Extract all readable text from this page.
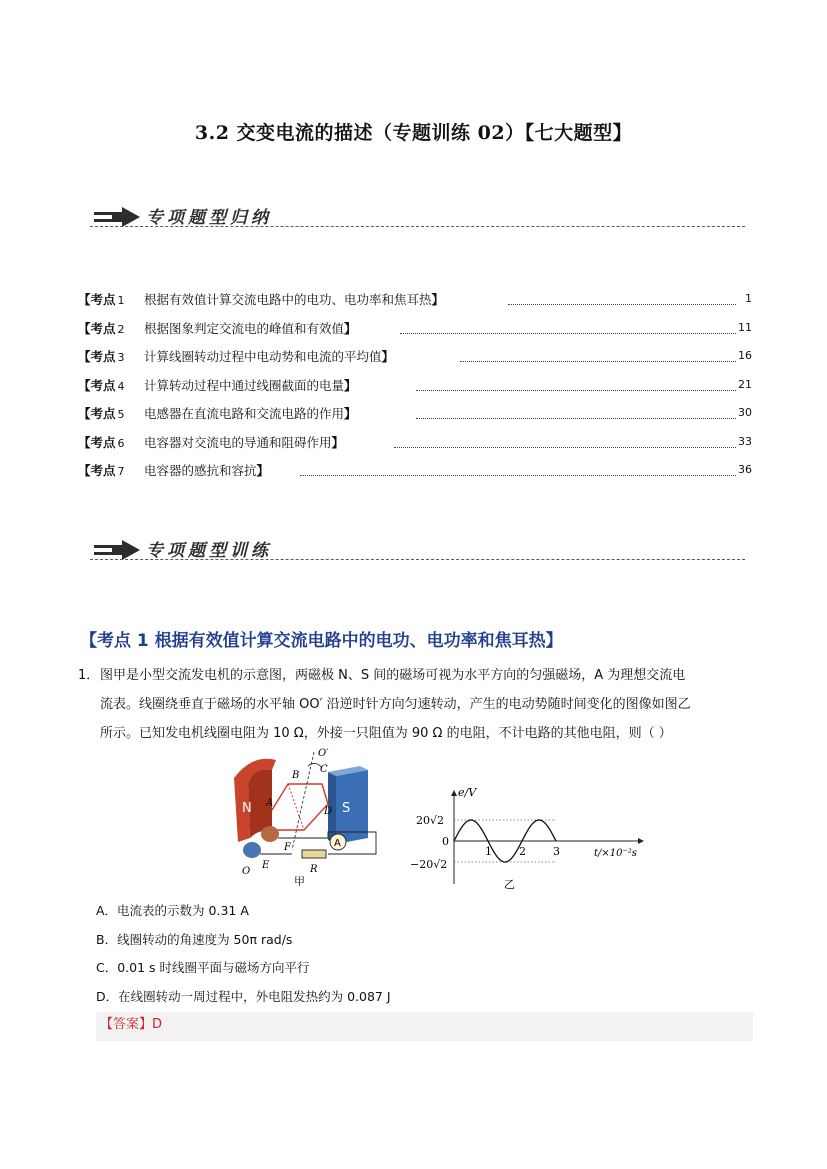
3.2 交变电流的描述（专题训练 02）【七大题型】
专项题型归纳
【考点 1 根据有效值计算交流电路中的电功、电功率和焦耳热】	1
【考点 2 根据图象判定交流电的峰值和有效值】	11
【考点 3 计算线圈转动过程中电动势和电流的平均值】	16
【考点 4 计算转动过程中通过线圈截面的电量】	21
【考点 5 电感器在直流电路和交流电路的作用】	30
【考点 6 电容器对交流电的导通和阻碍作用】	33
【考点 7 电容器的感抗和容抗】	36
专项题型训练
【考点 1 根据有效值计算交流电路中的电功、电功率和焦耳热】
1． 图甲是小型交流发电机的示意图，两磁极 N、S 间的磁场可视为水平方向的匀强磁场，A 为理想交流电
流表。线圈绕垂直于磁场的水平轴 OO′ 沿逆时针方向匀速转动，产生的电动势随时间变化的图像如图乙
所示。已知发电机线圈电阻为 10 Ω，外接一只阻值为 90 Ω 的电阻，不计电路的其他电阻，则（ ）
N	S
B
C
D
A
O′
O
E
F	A
R
甲
e/V
t/×10⁻²s
20√2
0
−20√2
1 2 3
乙
A．电流表的示数为 0.31 A
B．线圈转动的角速度为 50π rad/s
C．0.01 s 时线圈平面与磁场方向平行
D．在线圈转动一周过程中，外电阻发热约为 0.087 J
【答案】D
